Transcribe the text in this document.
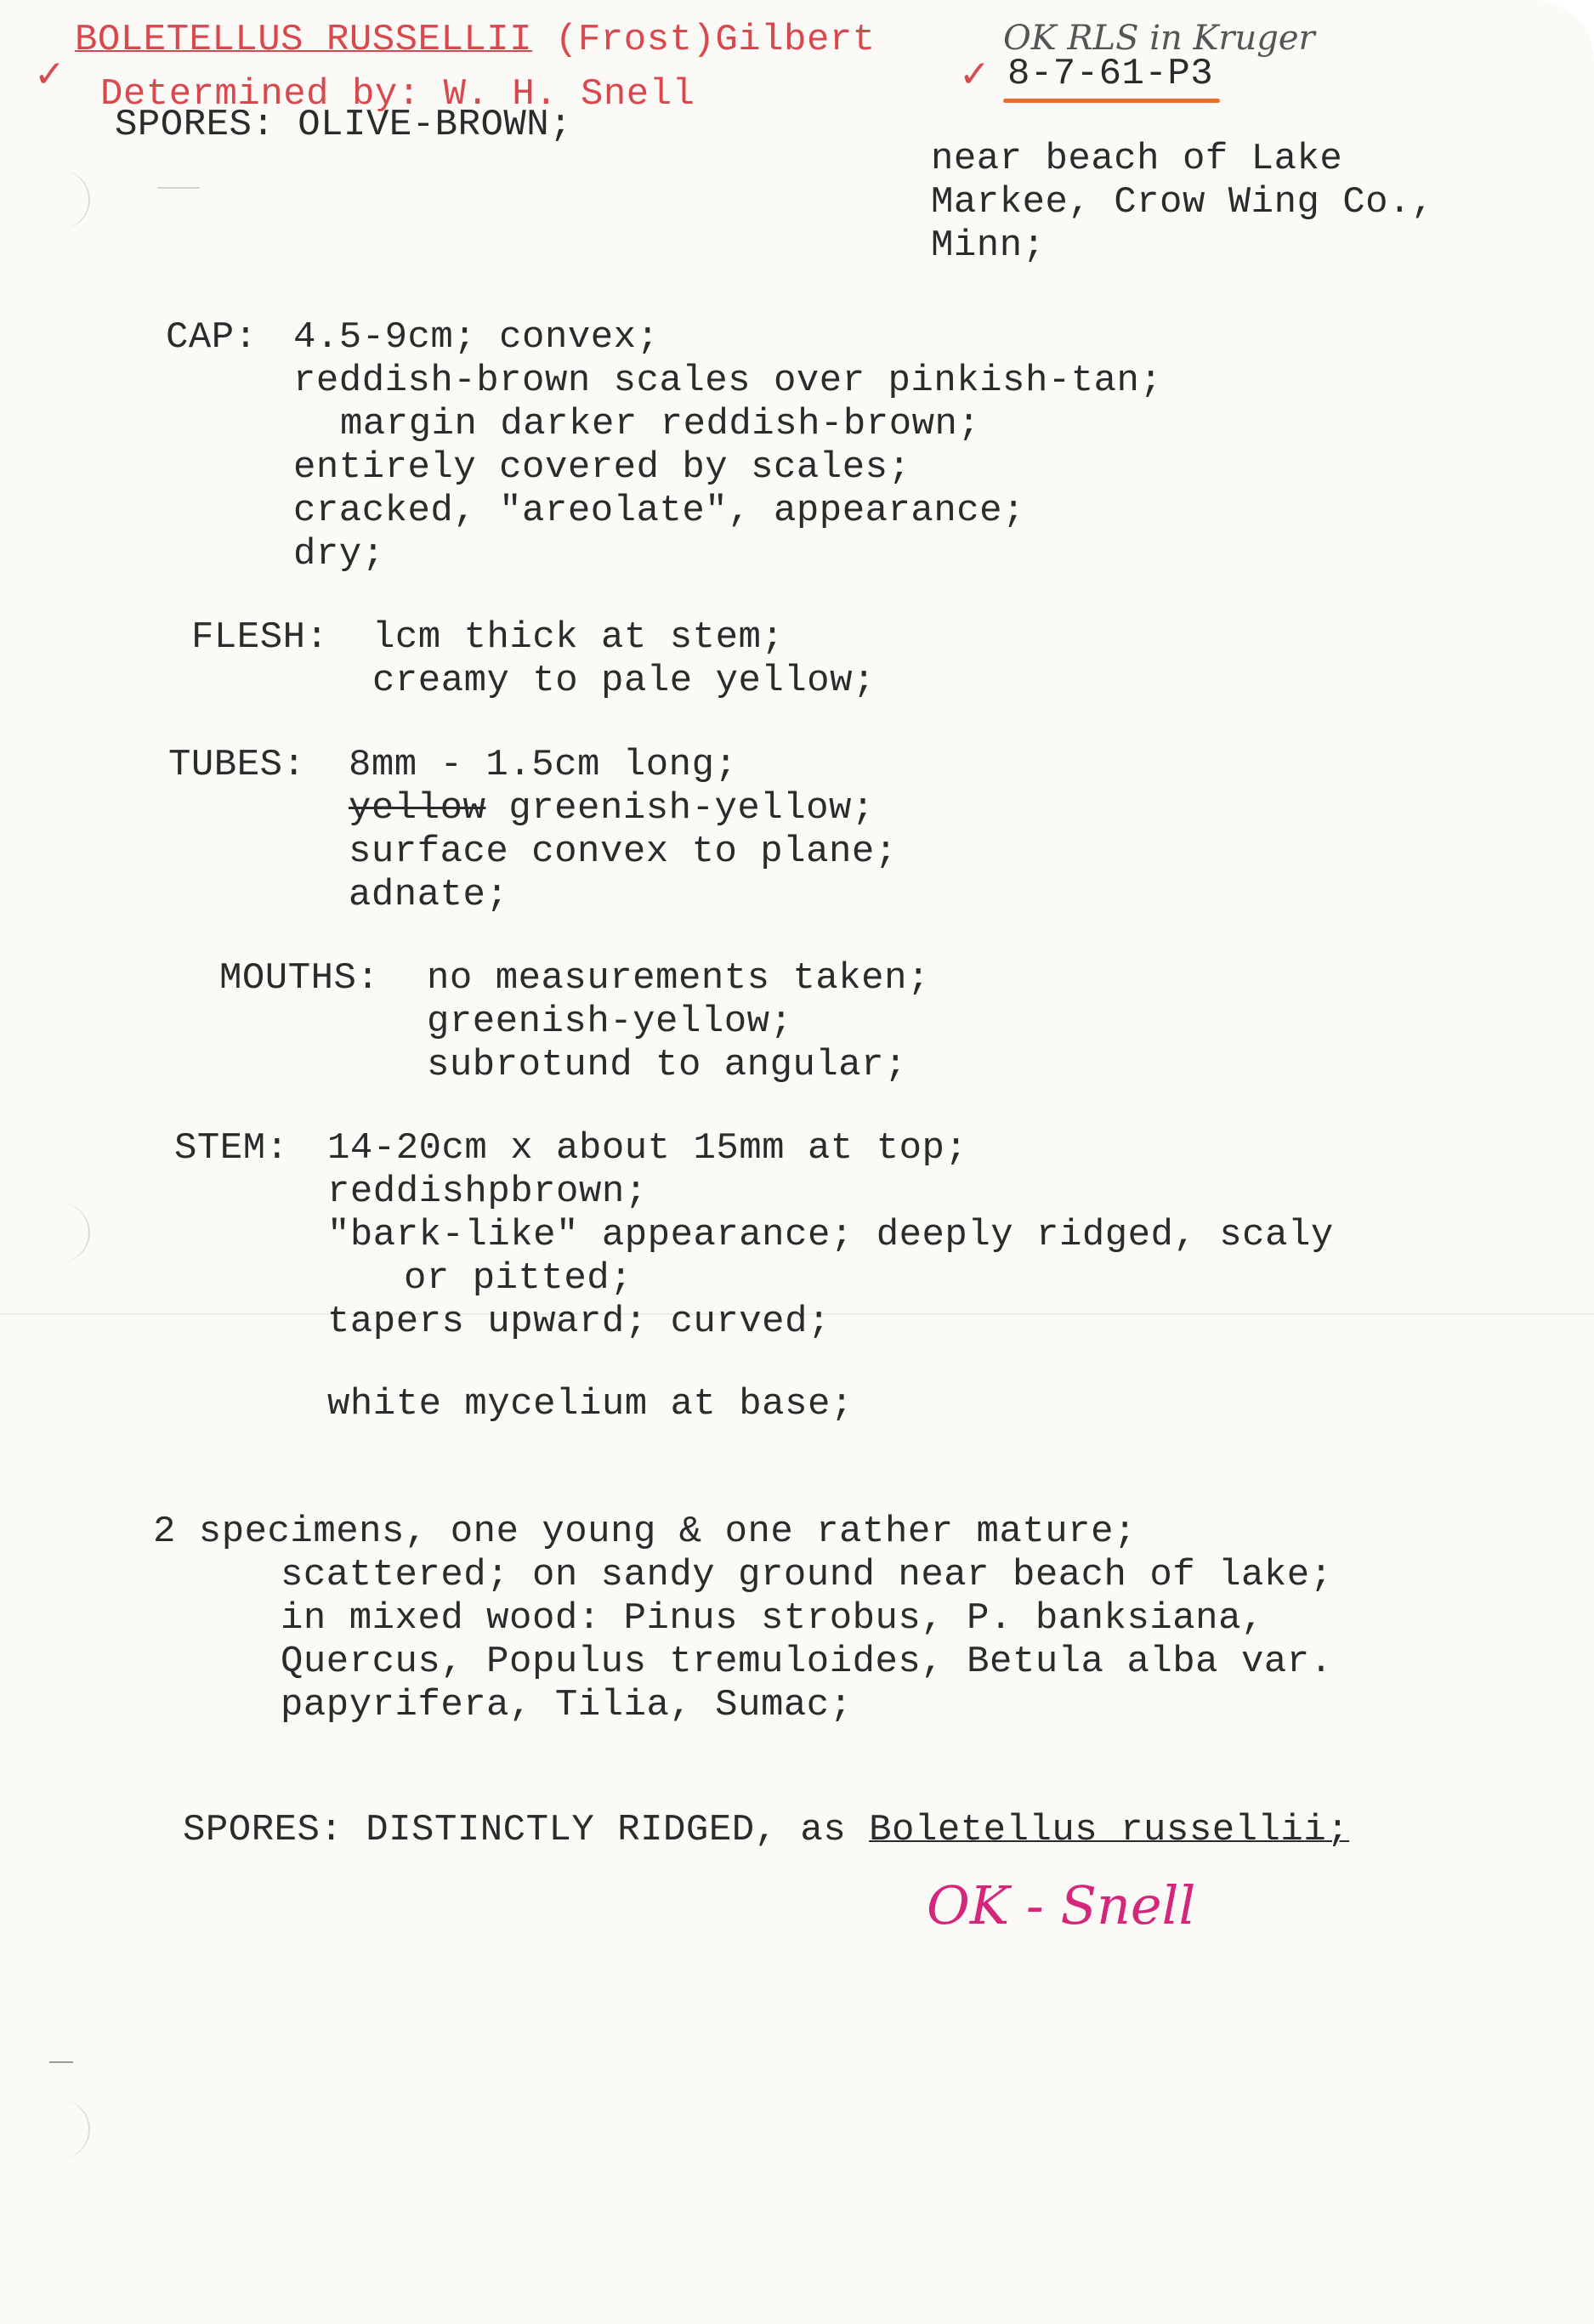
✓	✓

BOLETELLUS RUSSELLII (Frost)Gilbert

Determined by: W. H. Snell

SPORES: OLIVE-BROWN;

OK RLS in Kruger

8-7-61-P3

near beach of Lake

Markee, Crow Wing Co.,

Minn;

CAP: 4.5-9cm; convex;

reddish-brown scales over pinkish-tan;

margin darker reddish-brown;

entirely covered by scales;

cracked, "areolate", appearance;

dry;

FLESH: lcm thick at stem;

creamy to pale yellow;

TUBES: 8mm - 1.5cm long;

yellow greenish-yellow;

surface convex to plane;

adnate;

MOUTHS: no measurements taken;

greenish-yellow;

subrotund to angular;

STEM: 14-20cm x about 15mm at top;

reddishpbrown;

"bark-like" appearance; deeply ridged, scaly

or pitted;

tapers upward; curved;

white mycelium at base;

2 specimens, one young & one rather mature;

scattered; on sandy ground near beach of lake;

in mixed wood: Pinus strobus, P. banksiana,

Quercus, Populus tremuloides, Betula alba var.

papyrifera, Tilia, Sumac;

SPORES: DISTINCTLY RIDGED, as Boletellus russellii;

OK - Snell
